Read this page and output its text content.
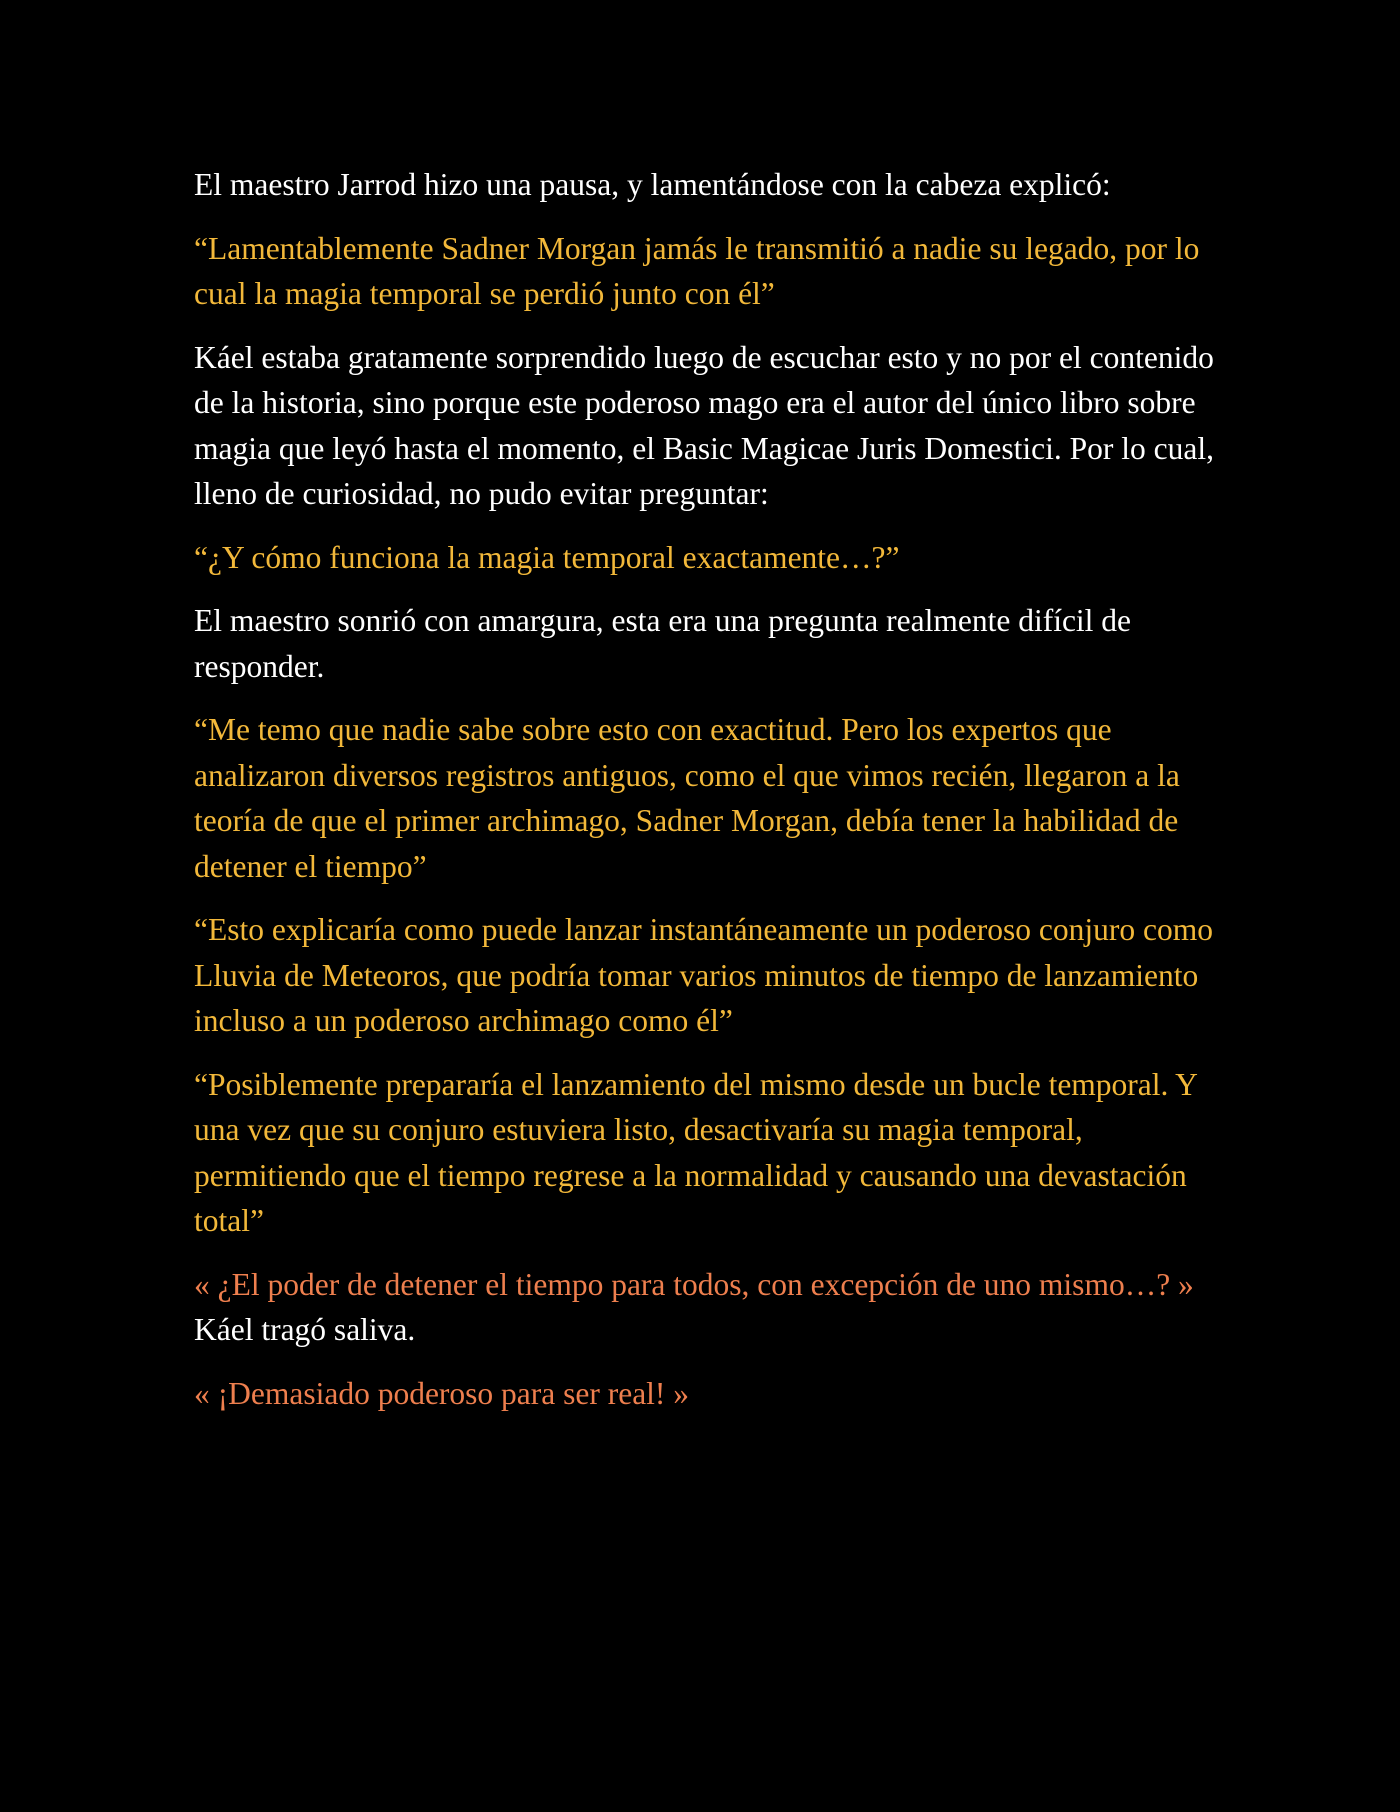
El maestro Jarrod hizo una pausa, y lamentándose con la cabeza explicó:

“Lamentablemente Sadner Morgan jamás le transmitió a nadie su legado, por lo cual la magia temporal se perdió junto con él”

Káel estaba gratamente sorprendido luego de escuchar esto y no por el contenido de la historia, sino porque este poderoso mago era el autor del único libro sobre magia que leyó hasta el momento, el Basic Magicae Juris Domestici. Por lo cual, lleno de curiosidad, no pudo evitar preguntar:

“¿Y cómo funciona la magia temporal exactamente…?”

El maestro sonrió con amargura, esta era una pregunta realmente difícil de responder.

“Me temo que nadie sabe sobre esto con exactitud. Pero los expertos que analizaron diversos registros antiguos, como el que vimos recién, llegaron a la teoría de que el primer archimago, Sadner Morgan, debía tener la habilidad de detener el tiempo”

“Esto explicaría como puede lanzar instantáneamente un poderoso conjuro como Lluvia de Meteoros, que podría tomar varios minutos de tiempo de lanzamiento incluso a un poderoso archimago como él”

“Posiblemente prepararía el lanzamiento del mismo desde un bucle temporal. Y una vez que su conjuro estuviera listo, desactivaría su magia temporal, permitiendo que el tiempo regrese a la normalidad y causando una devastación total”

« ¿El poder de detener el tiempo para todos, con excepción de uno mismo…? »  Káel tragó saliva.

« ¡Demasiado poderoso para ser real! »
